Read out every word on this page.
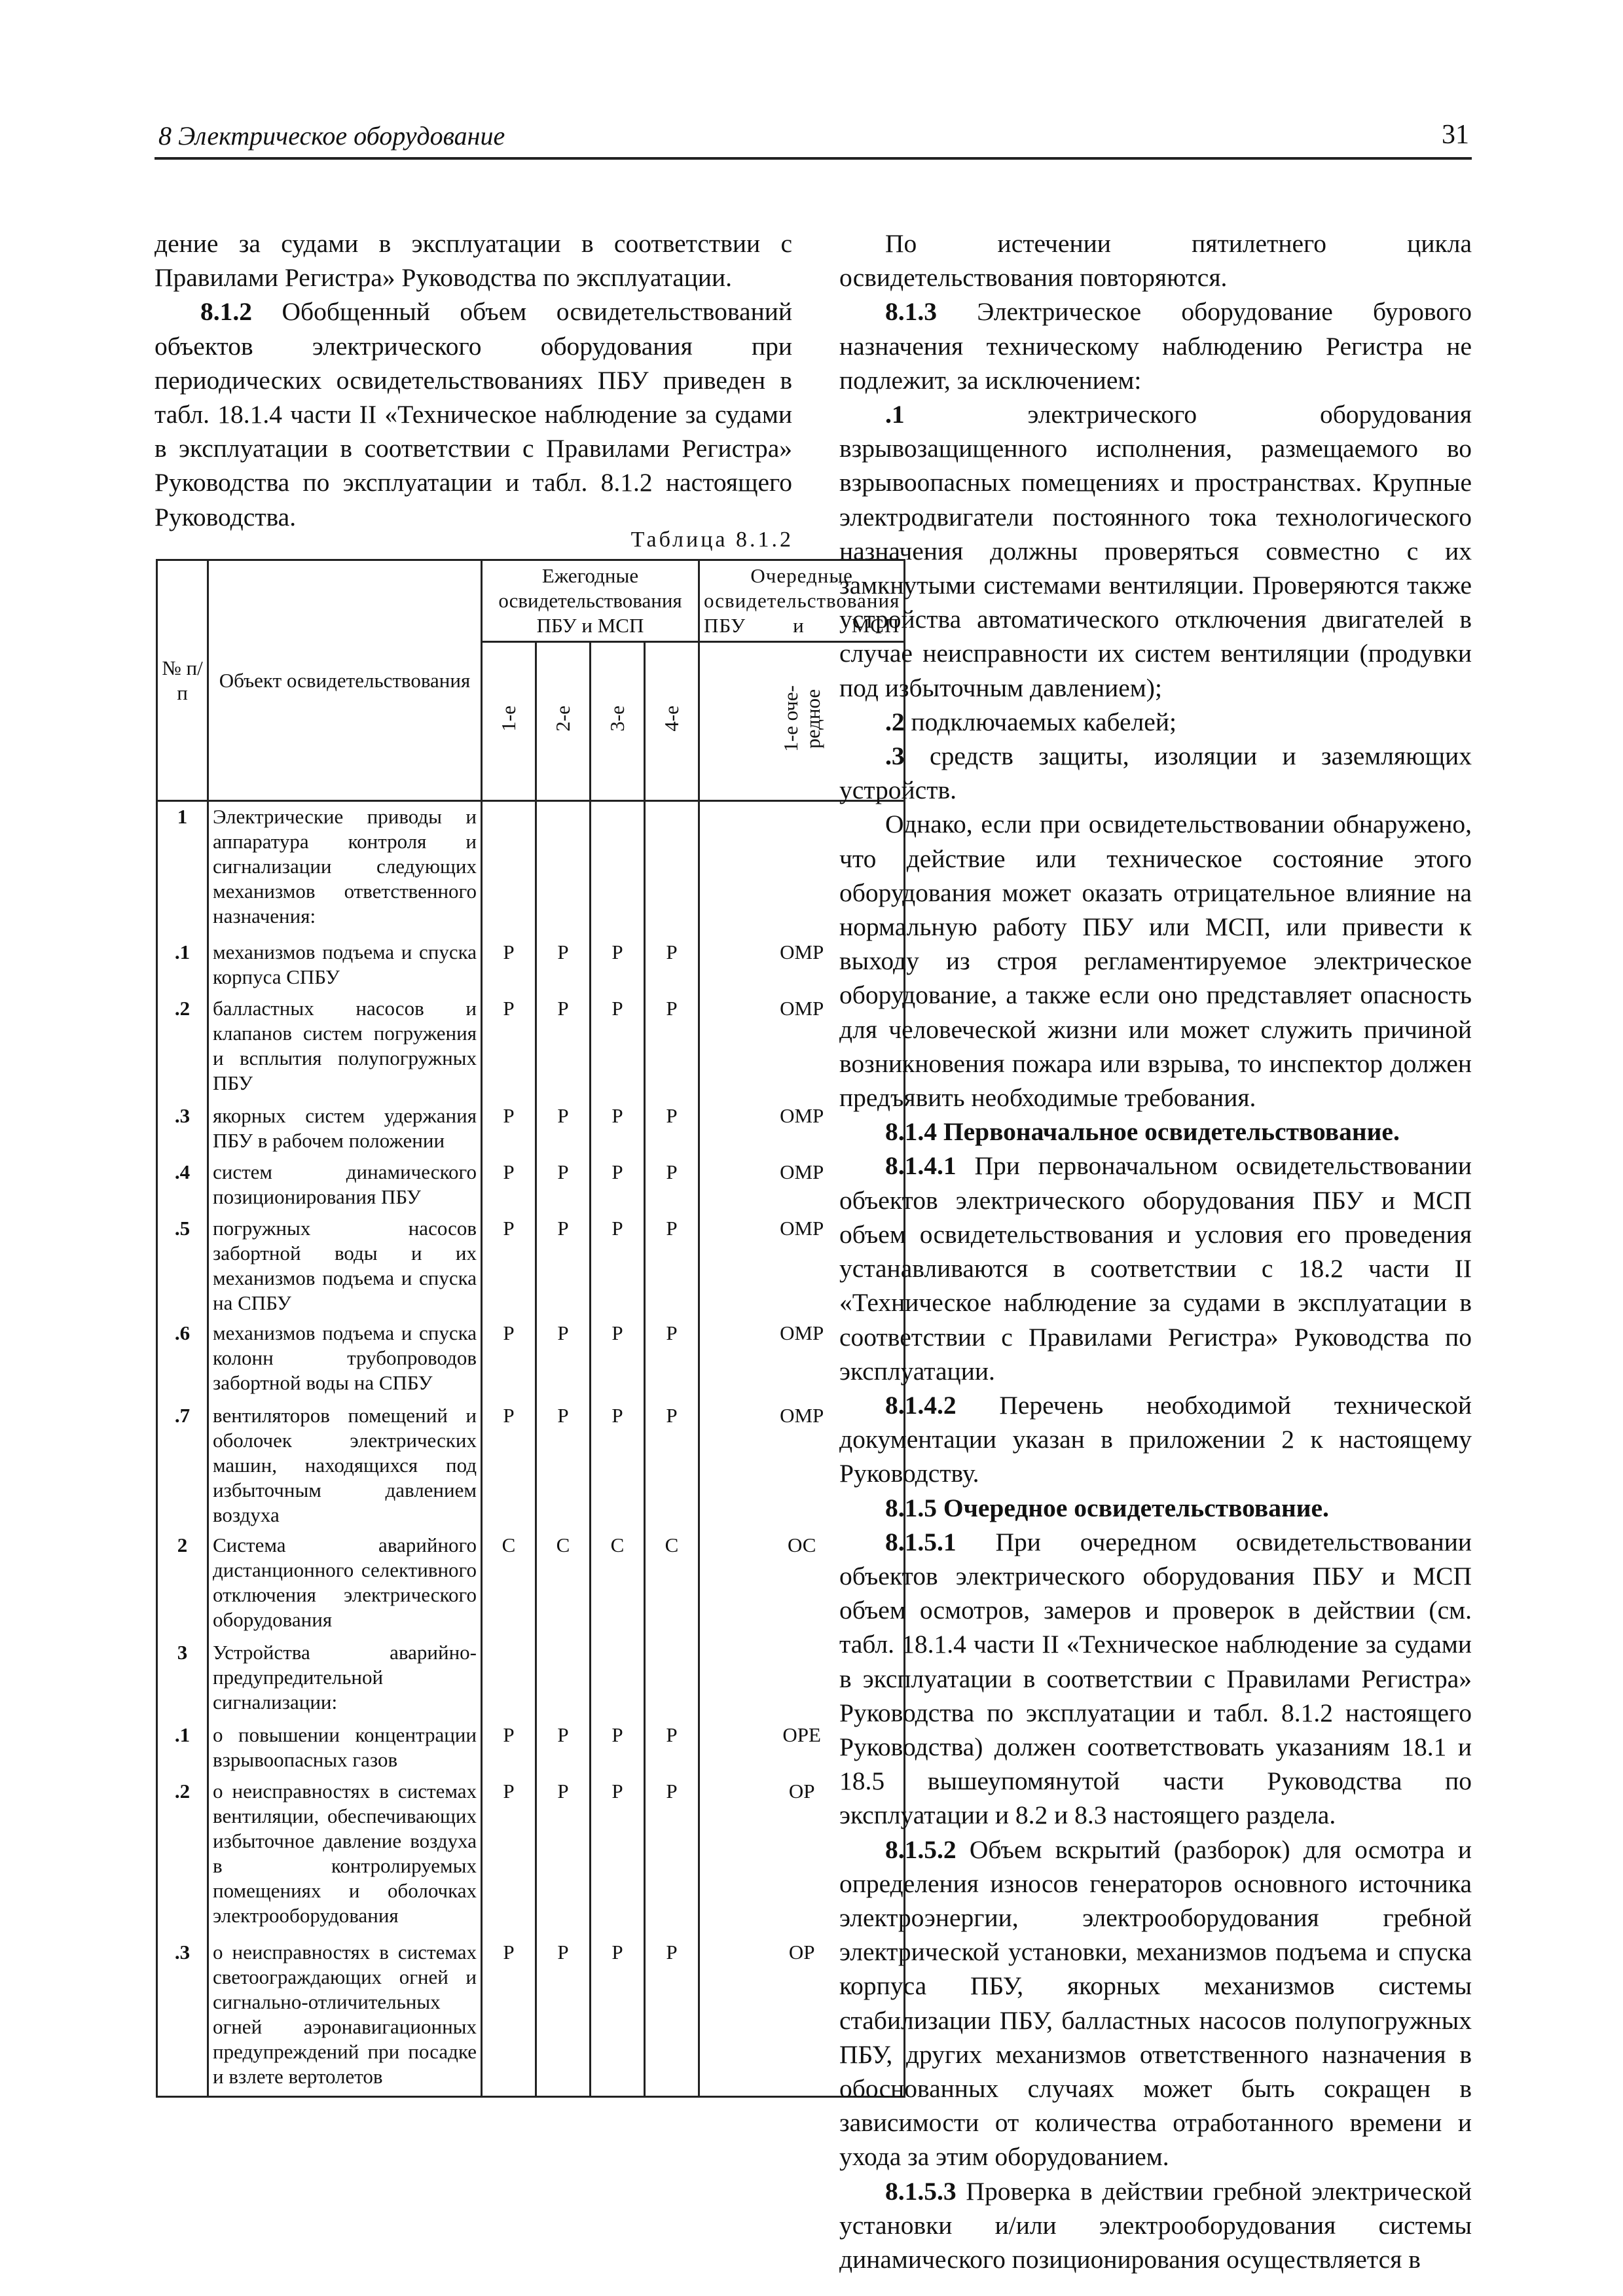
8 Электрическое оборудование	31

дение за судами в эксплуатации в соответствии с Правилами Регистра» Руководства по эксплуатации.

8.1.2 Обобщенный объем освидетельствований объектов электрического оборудования при периодических освидетельствованиях ПБУ приведен в табл. 18.1.4 части II «Техническое наблюдение за судами в эксплуатации в соответствии с Правилами Регистра» Руководства по эксплуатации и табл. 8.1.2 настоящего Руководства.

Таблица 8.1.2
№ п/п	Объект освидетельствования	Ежегодные освидетельствования ПБУ и МСП				Очередные освидетельствования ПБУ и МСП
		1-е	2-е	3-е	4-е	1-е оче-
редное
1	Электрические приводы и аппаратура контроля и сигнализации следующих механизмов ответственного назначения:					
.1	механизмов подъема и спуска корпуса СПБУ	Р	Р	Р	Р	ОМР
.2	балластных насосов и клапанов систем погружения и всплытия полупогружных ПБУ	Р	Р	Р	Р	ОМР
.3	якорных систем удержания ПБУ в рабочем положении	Р	Р	Р	Р	ОМР
.4	систем динамического позиционирования ПБУ	Р	Р	Р	Р	ОМР
.5	погружных насосов забортной воды и их механизмов подъема и спуска на СПБУ	Р	Р	Р	Р	ОМР
.6	механизмов подъема и спуска колонн трубопроводов забортной воды на СПБУ	Р	Р	Р	Р	ОМР
.7	вентиляторов помещений и оболочек электрических машин, находящихся под избыточным давлением воздуха	Р	Р	Р	Р	ОМР
2	Система аварийного дистанционного селективного отключения электрического оборудования	С	С	С	С	ОС
3	Устройства аварийно-предупредительной сигнализации:					
.1	о повышении концентрации взрывоопасных газов	Р	Р	Р	Р	ОРЕ
.2	о неисправностях в системах вентиляции, обеспечивающих избыточное давление воздуха в контролируемых помещениях и оболочках электрооборудования	Р	Р	Р	Р	ОР
.3	о неисправностях в системах светоограждающих огней и сигнально-отличительных огней аэронавигационных предупреждений при посадке и взлете вертолетов	Р	Р	Р	Р	ОР

По истечении пятилетнего цикла освидетельствования повторяются.

8.1.3 Электрическое оборудование бурового назначения техническому наблюдению Регистра не подлежит, за исключением:

.1 электрического оборудования взрывозащищенного исполнения, размещаемого во взрывоопасных помещениях и пространствах. Крупные электродвигатели постоянного тока технологического назначения должны проверяться совместно с их замкнутыми системами вентиляции. Проверяются также устройства автоматического отключения двигателей в случае неисправности их систем вентиляции (продувки под избыточным давлением);

.2 подключаемых кабелей;

.3 средств защиты, изоляции и заземляющих устройств.

Однако, если при освидетельствовании обнаружено, что действие или техническое состояние этого оборудования может оказать отрицательное влияние на нормальную работу ПБУ или МСП, или привести к выходу из строя регламентируемое электрическое оборудование, а также если оно представляет опасность для человеческой жизни или может служить причиной возникновения пожара или взрыва, то инспектор должен предъявить необходимые требования.

8.1.4 Первоначальное освидетельствование.

8.1.4.1 При первоначальном освидетельствовании объектов электрического оборудования ПБУ и МСП объем освидетельствования и условия его проведения устанавливаются в соответствии с 18.2 части II «Техническое наблюдение за судами в эксплуатации в соответствии с Правилами Регистра» Руководства по эксплуатации.

8.1.4.2 Перечень необходимой технической документации указан в приложении 2 к настоящему Руководству.

8.1.5 Очередное освидетельствование.

8.1.5.1 При очередном освидетельствовании объектов электрического оборудования ПБУ и МСП объем осмотров, замеров и проверок в действии (см. табл. 18.1.4 части II «Техническое наблюдение за судами в эксплуатации в соответствии с Правилами Регистра» Руководства по эксплуатации и табл. 8.1.2 настоящего Руководства) должен соответствовать указаниям 18.1 и 18.5 вышеупомянутой части Руководства по эксплуатации и 8.2 и 8.3 настоящего раздела.

8.1.5.2 Объем вскрытий (разборок) для осмотра и определения износов генераторов основного источника электроэнергии, электрооборудования гребной электрической установки, механизмов подъема и спуска корпуса ПБУ, якорных механизмов системы стабилизации ПБУ, балластных насосов полупогружных ПБУ, других механизмов ответственного назначения в обоснованных случаях может быть сокращен в зависимости от количества отработанного времени и ухода за этим оборудованием.

8.1.5.3 Проверка в действии гребной электрической установки и/или электрооборудования системы динамического позиционирования осуществляется в
